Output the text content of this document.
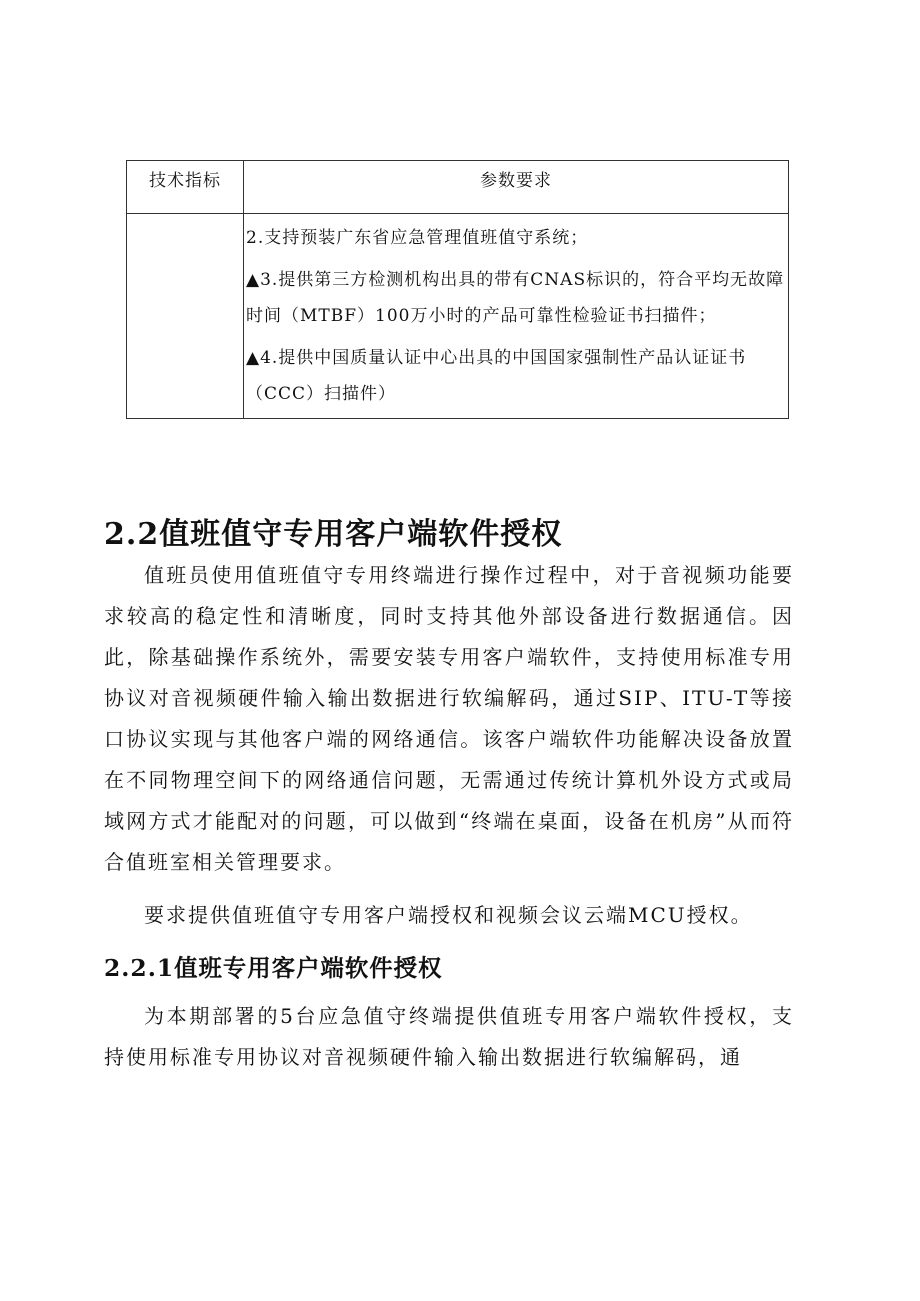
技术指标	参数要求

	2.支持预装广东省应急管理值班值守系统；

▲3.提供第三方检测机构出具的带有CNAS标识的，符合平均无故障时间（MTBF）100万小时的产品可靠性检验证书扫描件；

▲4.提供中国质量认证中心出具的中国国家强制性产品认证证书（CCC）扫描件）

2.2值班值守专用客户端软件授权

值班员使用值班值守专用终端进行操作过程中，对于音视频功能要求较高的稳定性和清晰度，同时支持其他外部设备进行数据通信。因此，除基础操作系统外，需要安装专用客户端软件，支持使用标准专用协议对音视频硬件输入输出数据进行软编解码，通过SIP、ITU-T等接口协议实现与其他客户端的网络通信。该客户端软件功能解决设备放置在不同物理空间下的网络通信问题，无需通过传统计算机外设方式或局域网方式才能配对的问题，可以做到“终端在桌面，设备在机房”从而符合值班室相关管理要求。

要求提供值班值守专用客户端授权和视频会议云端MCU授权。

2.2.1值班专用客户端软件授权

为本期部署的5台应急值守终端提供值班专用客户端软件授权，支持使用标准专用协议对音视频硬件输入输出数据进行软编解码，通
